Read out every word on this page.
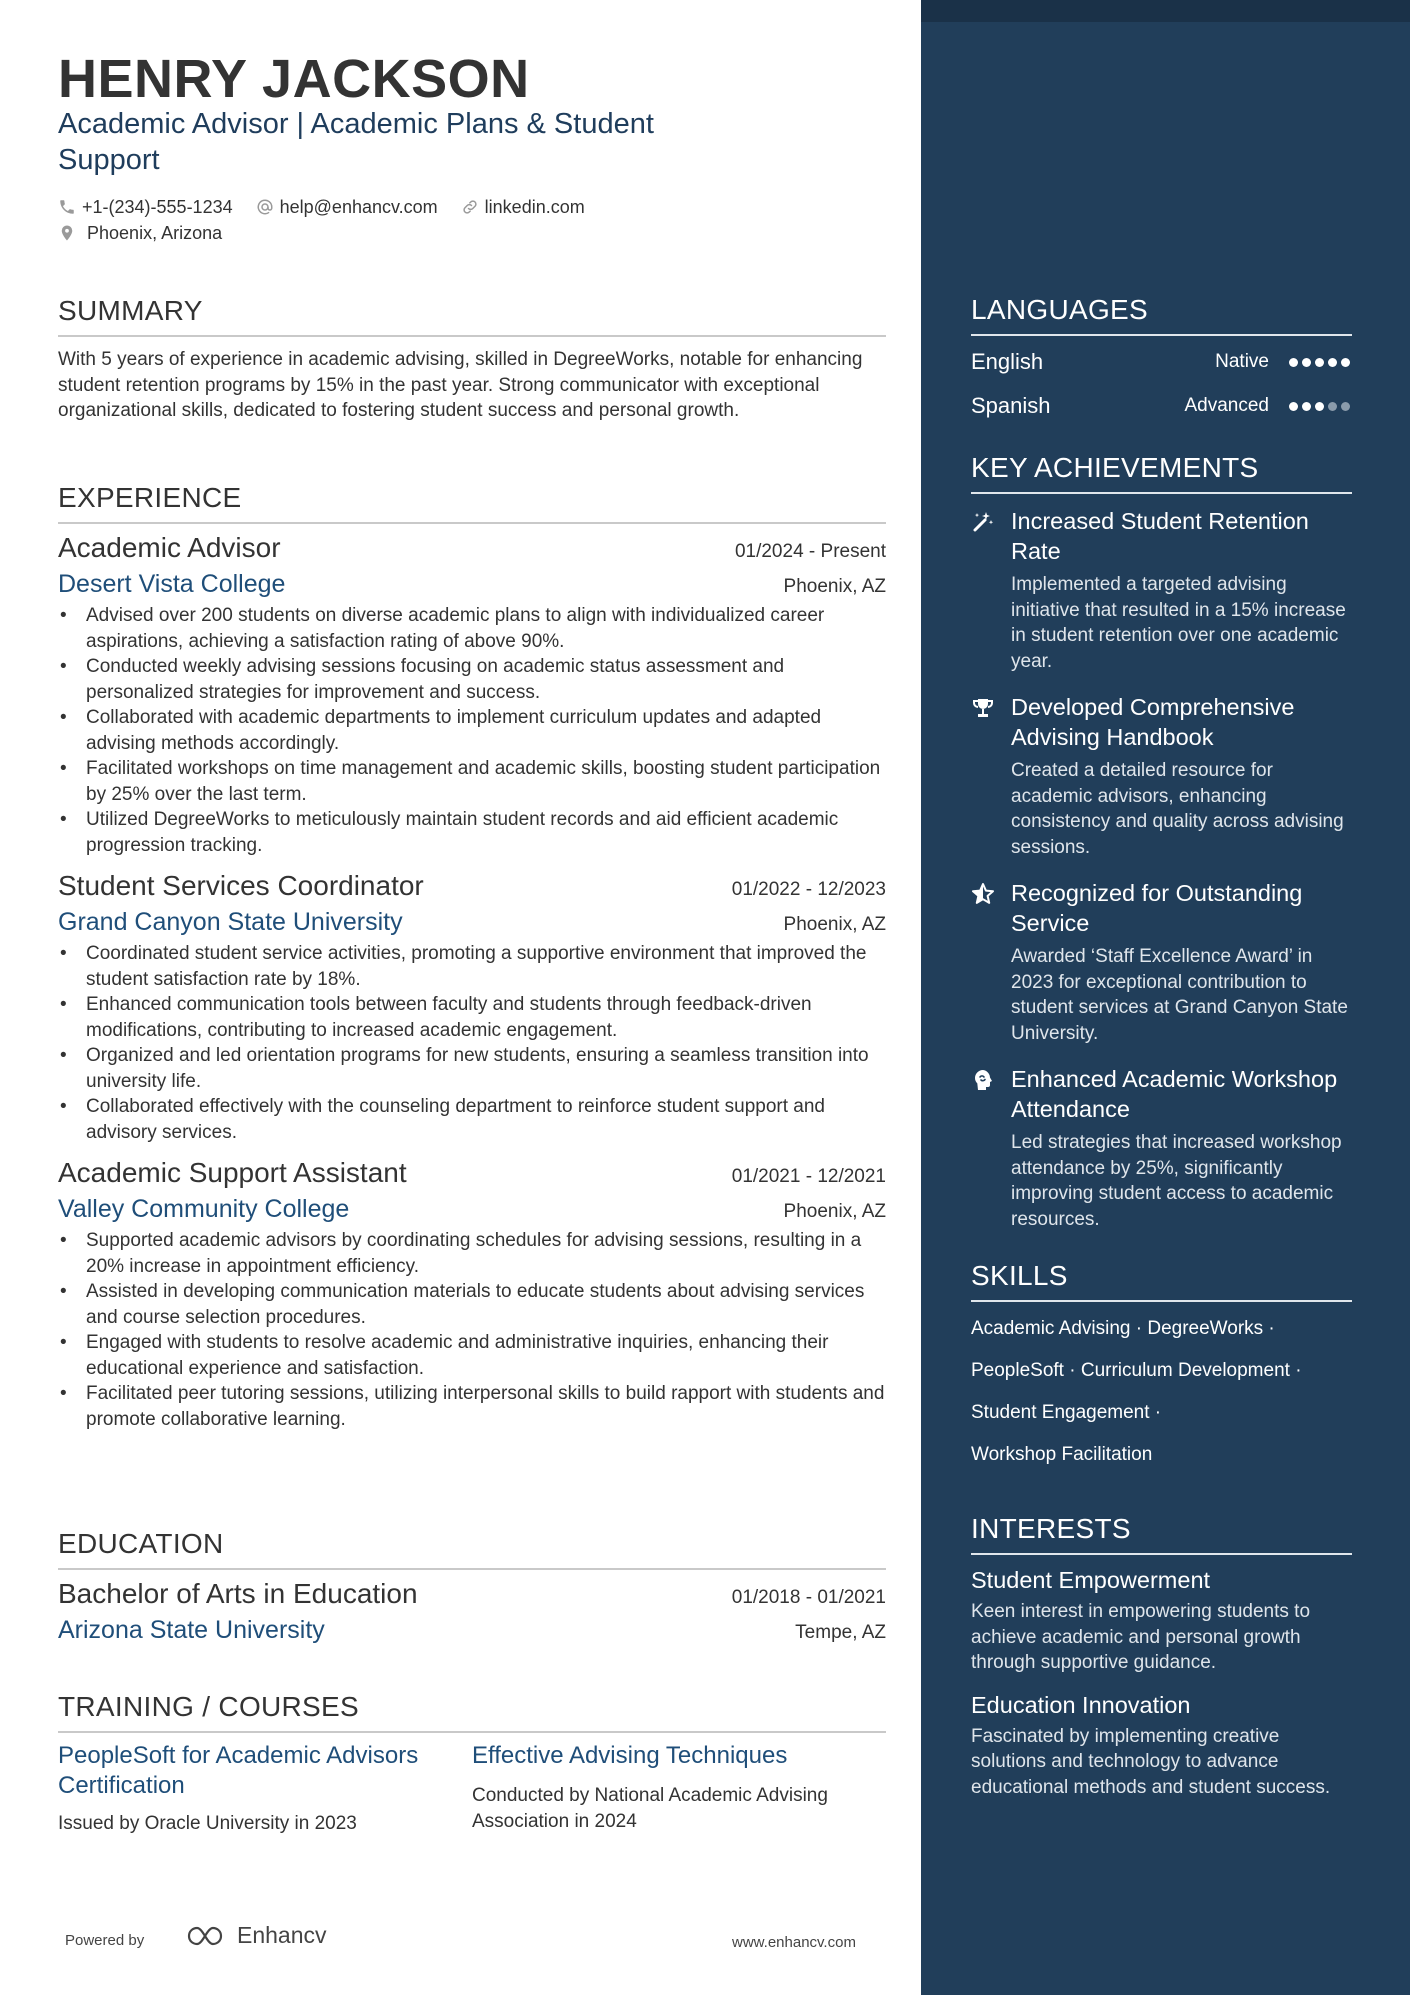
HENRY JACKSON
Academic Advisor | Academic Plans & Student Support
+1-(234)-555-1234
	help@enhancv.com
	linkedin.com
Phoenix, Arizona
SUMMARY
With 5 years of experience in academic advising, skilled in DegreeWorks, notable for enhancing student retention programs by 15% in the past year. Strong communicator with exceptional organizational skills, dedicated to fostering student success and personal growth.
EXPERIENCE
Academic Advisor	01/2024 - Present
Desert Vista College	Phoenix, AZ
• Advised over 200 students on diverse academic plans to align with individualized career aspirations, achieving a satisfaction rating of above 90%.
• Conducted weekly advising sessions focusing on academic status assessment and personalized strategies for improvement and success.
• Collaborated with academic departments to implement curriculum updates and adapted advising methods accordingly.
• Facilitated workshops on time management and academic skills, boosting student participation by 25% over the last term.
• Utilized DegreeWorks to meticulously maintain student records and aid efficient academic progression tracking.
Student Services Coordinator	01/2022 - 12/2023
Grand Canyon State University	Phoenix, AZ
• Coordinated student service activities, promoting a supportive environment that improved the student satisfaction rate by 18%.
• Enhanced communication tools between faculty and students through feedback-driven modifications, contributing to increased academic engagement.
• Organized and led orientation programs for new students, ensuring a seamless transition into university life.
• Collaborated effectively with the counseling department to reinforce student support and advisory services.
Academic Support Assistant	01/2021 - 12/2021
Valley Community College	Phoenix, AZ
• Supported academic advisors by coordinating schedules for advising sessions, resulting in a 20% increase in appointment efficiency.
• Assisted in developing communication materials to educate students about advising services and course selection procedures.
• Engaged with students to resolve academic and administrative inquiries, enhancing their educational experience and satisfaction.
• Facilitated peer tutoring sessions, utilizing interpersonal skills to build rapport with students and promote collaborative learning.
EDUCATION
Bachelor of Arts in Education	01/2018 - 01/2021
Arizona State University	Tempe, AZ
TRAINING / COURSES
PeopleSoft for Academic Advisors Certification
Issued by Oracle University in 2023
Effective Advising Techniques
Conducted by National Academic Advising Association in 2024
Powered by	Enhancv	www.enhancv.com
LANGUAGES
English	Native
Spanish	Advanced
KEY ACHIEVEMENTS
Increased Student Retention Rate
Implemented a targeted advising initiative that resulted in a 15% increase in student retention over one academic year.
Developed Comprehensive Advising Handbook
Created a detailed resource for academic advisors, enhancing consistency and quality across advising sessions.
Recognized for Outstanding Service
Awarded ‘Staff Excellence Award’ in 2023 for exceptional contribution to student services at Grand Canyon State University.
Enhanced Academic Workshop Attendance
Led strategies that increased workshop attendance by 25%, significantly improving student access to academic resources.
SKILLS
Academic Advising · DegreeWorks ·
PeopleSoft · Curriculum Development ·
Student Engagement ·
Workshop Facilitation
INTERESTS
Student Empowerment
Keen interest in empowering students to achieve academic and personal growth through supportive guidance.
Education Innovation
Fascinated by implementing creative solutions and technology to advance educational methods and student success.
